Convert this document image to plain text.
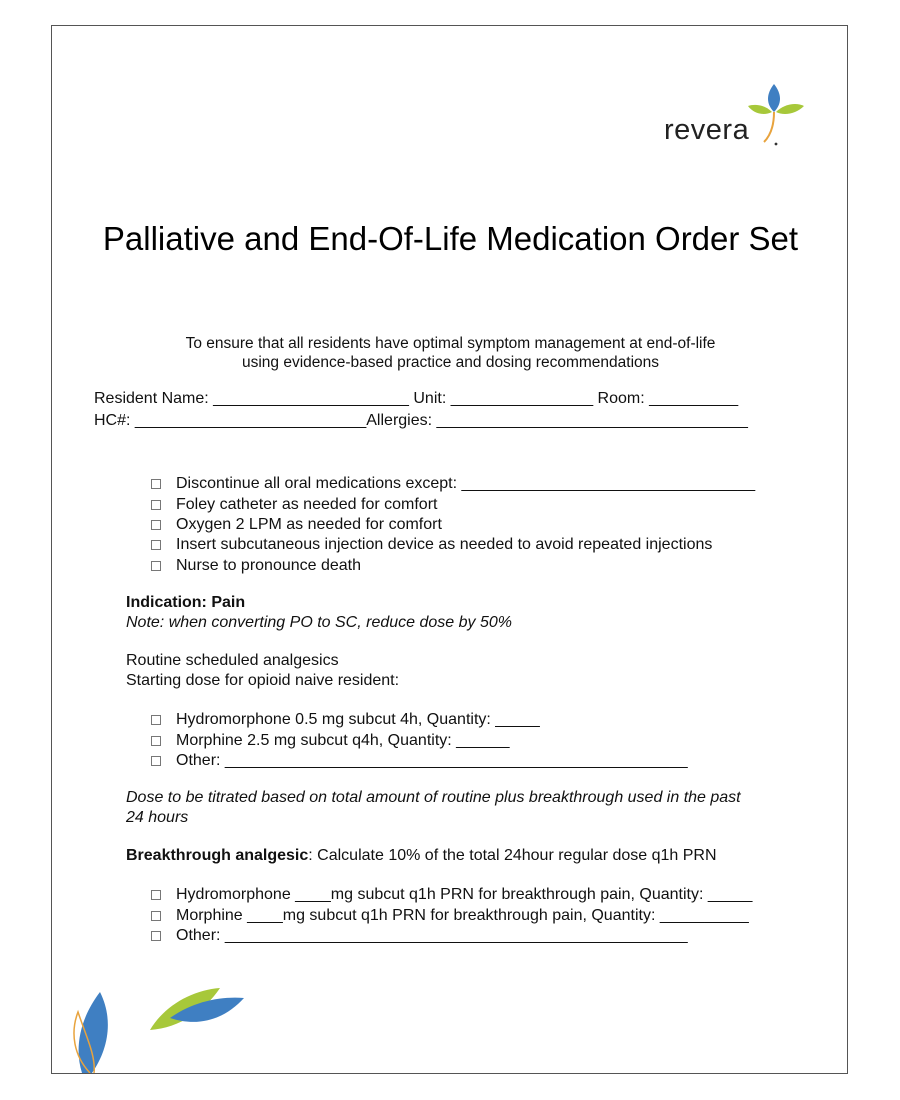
revera
Palliative and End-Of-Life Medication Order Set
To ensure that all residents have optimal symptom management at end-of-life
using evidence-based practice and dosing recommendations
Resident Name: ______________________ Unit: ________________ Room: __________
HC#: __________________________Allergies: ___________________________________
Discontinue all oral medications except: _________________________________
Foley catheter as needed for comfort
Oxygen 2 LPM as needed for comfort
Insert subcutaneous injection device as needed to avoid repeated injections
Nurse to pronounce death
Indication: Pain
Note: when converting PO to SC, reduce dose by 50%
Routine scheduled analgesics
Starting dose for opioid naive resident:
Hydromorphone 0.5 mg subcut 4h, Quantity: _____
Morphine 2.5 mg subcut q4h, Quantity: ______
Other: ____________________________________________________
Dose to be titrated based on total amount of routine plus breakthrough used in the past
24 hours
Breakthrough analgesic: Calculate 10% of the total 24hour regular dose q1h PRN
Hydromorphone ____mg subcut q1h PRN for breakthrough pain, Quantity: _____
Morphine ____mg subcut q1h PRN for breakthrough pain, Quantity: __________
Other: ____________________________________________________
